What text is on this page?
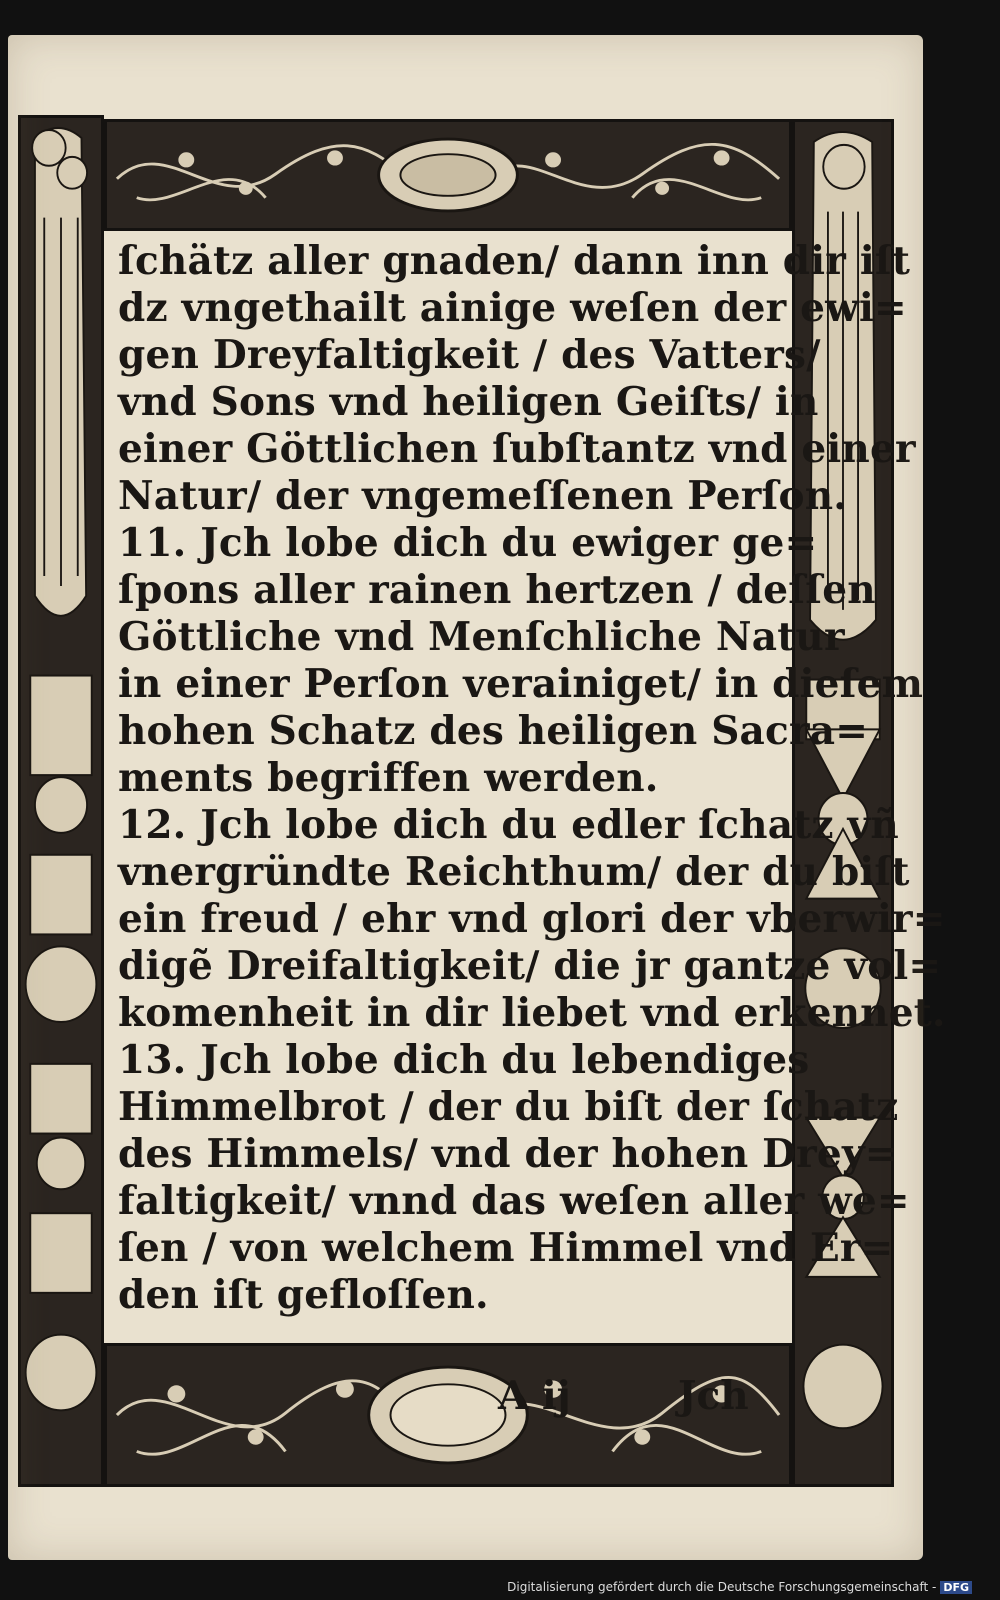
ſchätz aller gnaden/ dann inn dir iſt
dz vngethailt ainige weſen der ewi=
gen Dreyfaltigkeit / des Vatters/
vnd Sons vnd heiligen Geiſts/ in
einer Göttlichen ſubſtantz vnd einer
Natur/ der vngemeſſenen Perſon.
11. Jch lobe dich du ewiger ge=
ſpons aller rainen hertzen / deſſen
Göttliche vnd Menſchliche Natur
in einer Perſon verainiget/ in dieſem
hohen Schatz des heiligen Sacra=
ments begriffen werden.
12. Jch lobe dich du edler ſchatz vñ
vnergründte Reichthum/ der du biſt
ein freud / ehr vnd glori der vberwir=
digẽ Dreifaltigkeit/ die jr gantze vol=
komenheit in dir liebet vnd erkennet.
13. Jch lobe dich du lebendiges
Himmelbrot / der du biſt der ſchatz
des Himmels/ vnd der hohen Drey=
faltigkeit/ vnnd das weſen aller we=
ſen / von welchem Himmel vnd Er=
den iſt gefloſſen.
A ij	Jch
Digitalisierung gefördert durch die Deutsche Forschungsgemeinschaft - DFG
